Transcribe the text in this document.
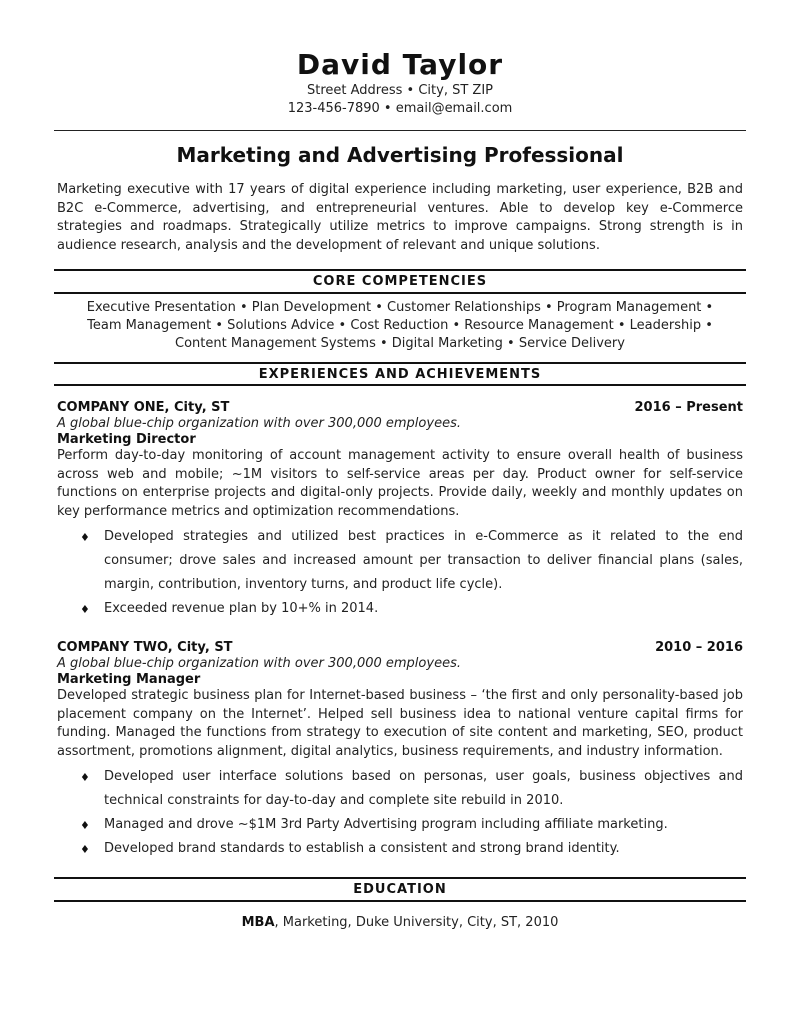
David Taylor
Street Address • City, ST ZIP
123-456-7890 • email@email.com
Marketing and Advertising Professional
Marketing executive with 17 years of digital experience including marketing, user experience, B2B and B2C e-Commerce, advertising, and entrepreneurial ventures. Able to develop key e-Commerce strategies and roadmaps. Strategically utilize metrics to improve campaigns. Strong strength is in audience research, analysis and the development of relevant and unique solutions.
CORE COMPETENCIES
Executive Presentation • Plan Development • Customer Relationships • Program Management •
Team Management • Solutions Advice • Cost Reduction • Resource Management • Leadership •
Content Management Systems • Digital Marketing • Service Delivery
EXPERIENCES AND ACHIEVEMENTS
COMPANY ONE, City, ST	2016 – Present
A global blue-chip organization with over 300,000 employees.
Marketing Director
Perform day-to-day monitoring of account management activity to ensure overall health of business across web and mobile; ~1M visitors to self-service areas per day. Product owner for self-service functions on enterprise projects and digital-only projects. Provide daily, weekly and monthly updates on key performance metrics and optimization recommendations.
♦ Developed strategies and utilized best practices in e-Commerce as it related to the end consumer; drove sales and increased amount per transaction to deliver financial plans (sales, margin, contribution, inventory turns, and product life cycle).
♦ Exceeded revenue plan by 10+% in 2014.
COMPANY TWO, City, ST	2010 – 2016
A global blue-chip organization with over 300,000 employees.
Marketing Manager
Developed strategic business plan for Internet-based business – ‘the first and only personality-based job placement company on the Internet’. Helped sell business idea to national venture capital firms for funding. Managed the functions from strategy to execution of site content and marketing, SEO, product assortment, promotions alignment, digital analytics, business requirements, and industry information.
♦ Developed user interface solutions based on personas, user goals, business objectives and technical constraints for day-to-day and complete site rebuild in 2010.
♦ Managed and drove ~$1M 3rd Party Advertising program including affiliate marketing.
♦ Developed brand standards to establish a consistent and strong brand identity.
EDUCATION
MBA, Marketing, Duke University, City, ST, 2010
